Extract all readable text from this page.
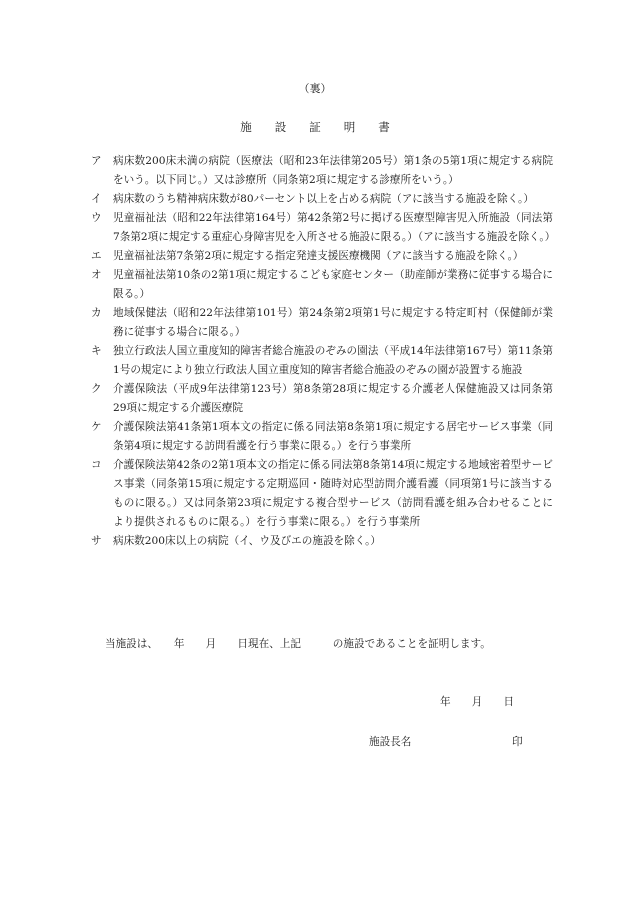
（裏）
施　　設　　証　　明　　書
ア	病床数200床未満の病院（医療法（昭和23年法律第205号）第1条の5第1項に規定する病院をいう。以下同じ。）又は診療所（同条第2項に規定する診療所をいう。）
イ	病床数のうち精神病床数が80パーセント以上を占める病院（アに該当する施設を除く。）
ウ	児童福祉法（昭和22年法律第164号）第42条第2号に掲げる医療型障害児入所施設（同法第7条第2項に規定する重症心身障害児を入所させる施設に限る。）（アに該当する施設を除く。）
エ	児童福祉法第7条第2項に規定する指定発達支援医療機関（アに該当する施設を除く。）
オ	児童福祉法第10条の2第1項に規定するこども家庭センター（助産師が業務に従事する場合に限る。）
カ	地域保健法（昭和22年法律第101号）第24条第2項第1号に規定する特定町村（保健師が業務に従事する場合に限る。）
キ	独立行政法人国立重度知的障害者総合施設のぞみの園法（平成14年法律第167号）第11条第1号の規定により独立行政法人国立重度知的障害者総合施設のぞみの園が設置する施設
ク	介護保険法（平成9年法律第123号）第8条第28項に規定する介護老人保健施設又は同条第29項に規定する介護医療院
ケ	介護保険法第41条第1項本文の指定に係る同法第8条第1項に規定する居宅サービス事業（同条第4項に規定する訪問看護を行う事業に限る。）を行う事業所
コ	介護保険法第42条の2第1項本文の指定に係る同法第8条第14項に規定する地域密着型サービス事業（同条第15項に規定する定期巡回・随時対応型訪問介護看護（同項第1号に該当するものに限る。）又は同条第23項に規定する複合型サービス（訪問看護を組み合わせることにより提供されるものに限る。）を行う事業に限る。）を行う事業所
サ	病床数200床以上の病院（イ、ウ及びエの施設を除く。）
当施設は、　　年　　月　　日現在、上記　　　の施設であることを証明します。
年　　月　　日
施設長名	印
